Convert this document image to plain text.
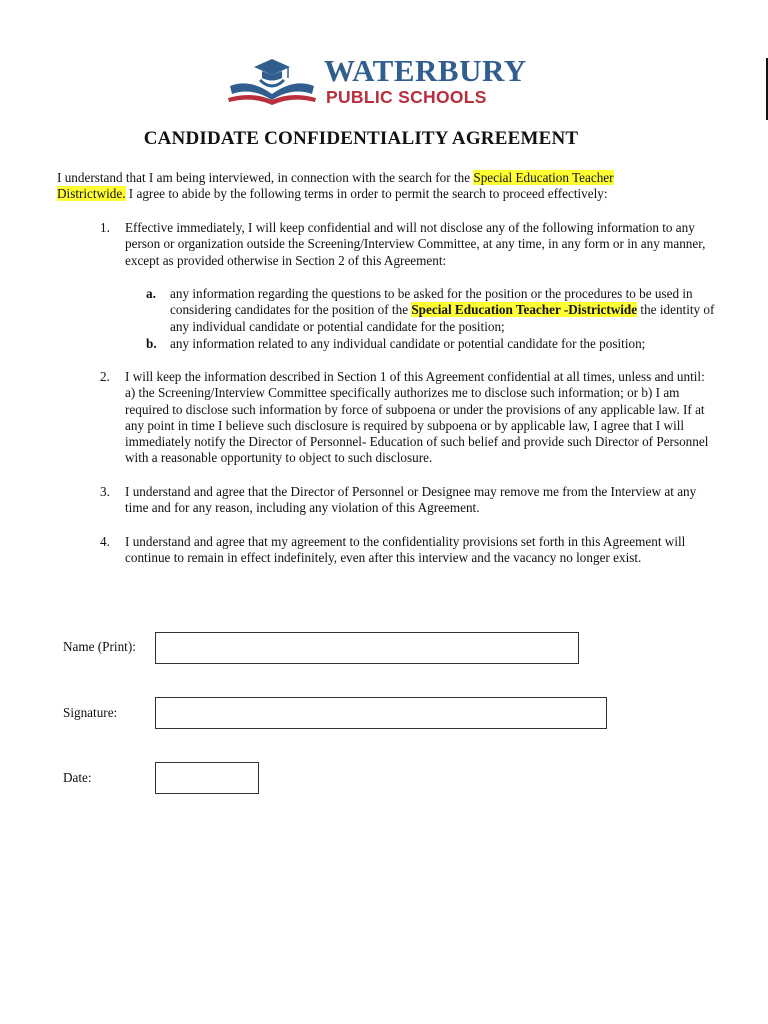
WATERBURY
PUBLIC SCHOOLS
CANDIDATE CONFIDENTIALITY AGREEMENT
I understand that I am being interviewed, in connection with the search for the Special Education Teacher
Districtwide. I agree to abide by the following terms in order to permit the search to proceed effectively:
1.	Effective immediately, I will keep confidential and will not disclose any of the following information to any person or organization outside the Screening/Interview Committee, at any time, in any form or in any manner, except as provided otherwise in Section 2 of this Agreement:
a. any information regarding the questions to be asked for the position or the procedures to be used in considering candidates for the position of the Special Education Teacher -Districtwide the identity of any individual candidate or potential candidate for the position;
b. any information related to any individual candidate or potential candidate for the position;
2.	I will keep the information described in Section 1 of this Agreement confidential at all times, unless and until: a) the Screening/Interview Committee specifically authorizes me to disclose such information; or b) I am required to disclose such information by force of subpoena or under the provisions of any applicable law. If at any point in time I believe such disclosure is required by subpoena or by applicable law, I agree that I will immediately notify the Director of Personnel- Education of such belief and provide such Director of Personnel with a reasonable opportunity to object to such disclosure.
3.	I understand and agree that the Director of Personnel or Designee may remove me from the Interview at any time and for any reason, including any violation of this Agreement.
4.	I understand and agree that my agreement to the confidentiality provisions set forth in this Agreement will continue to remain in effect indefinitely, even after this interview and the vacancy no longer exist.
Name (Print):
Signature:
Date:
